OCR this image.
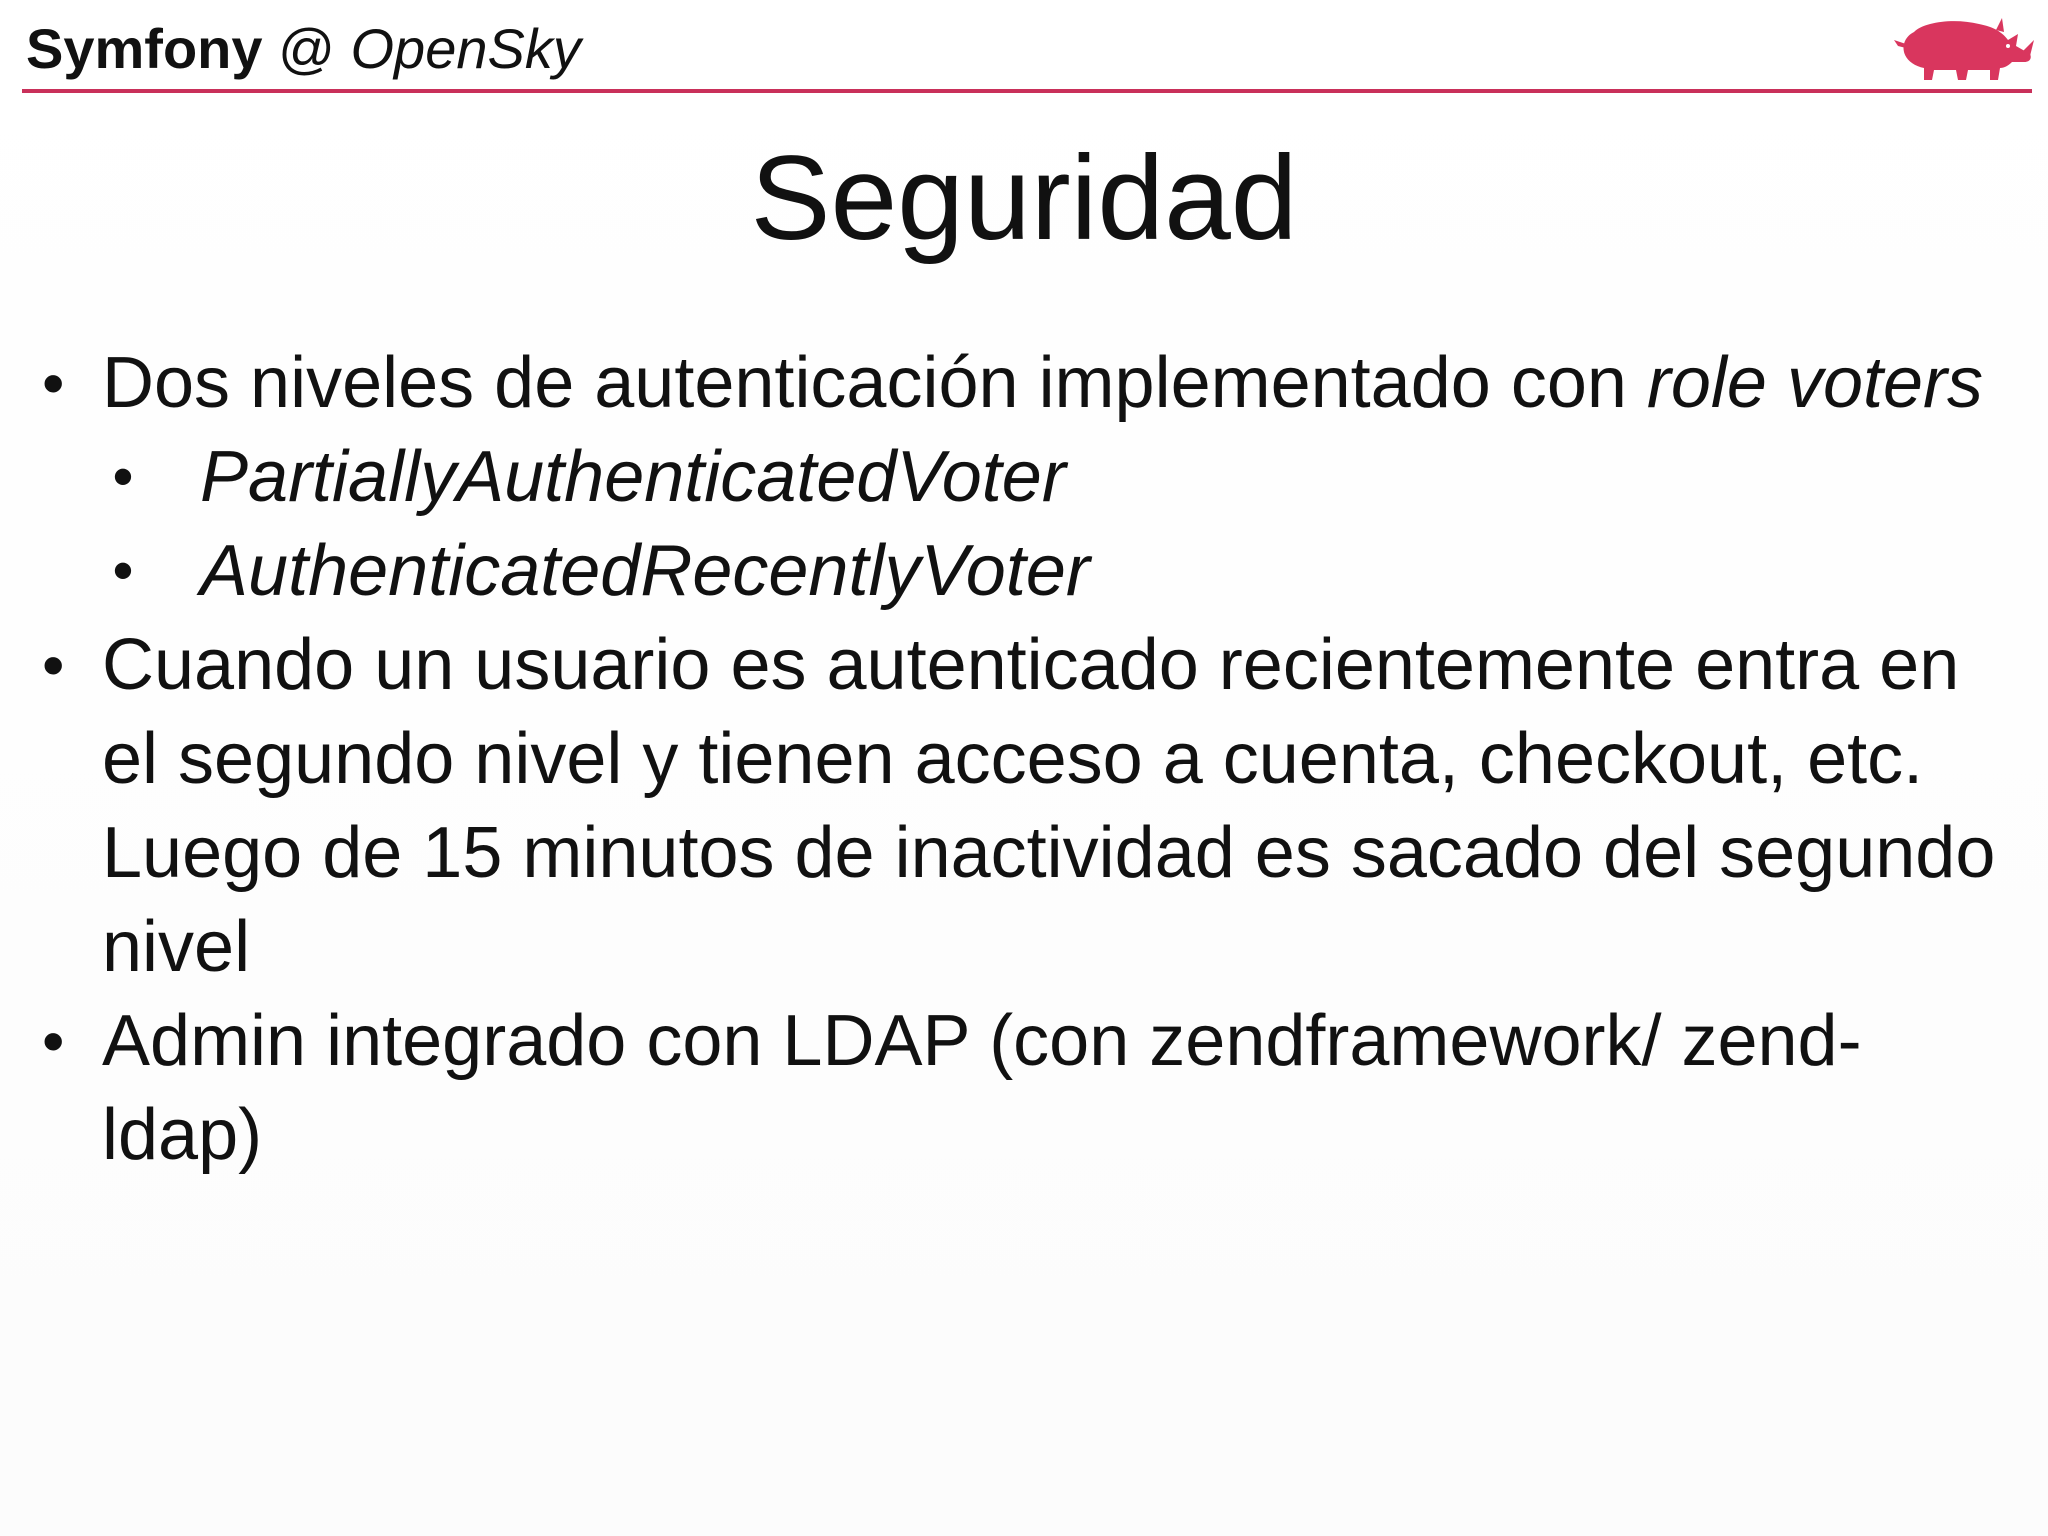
Symfony @ OpenSky
Seguridad
• Dos niveles de autenticación implementado con role voters
• PartiallyAuthenticatedVoter
• AuthenticatedRecentlyVoter
• Cuando un usuario es autenticado recientemente entra en el segundo nivel y tienen acceso a cuenta, checkout, etc. Luego de 15 minutos de inactividad es sacado del segundo nivel
• Admin integrado con LDAP (con zendframework/ zend-ldap)
